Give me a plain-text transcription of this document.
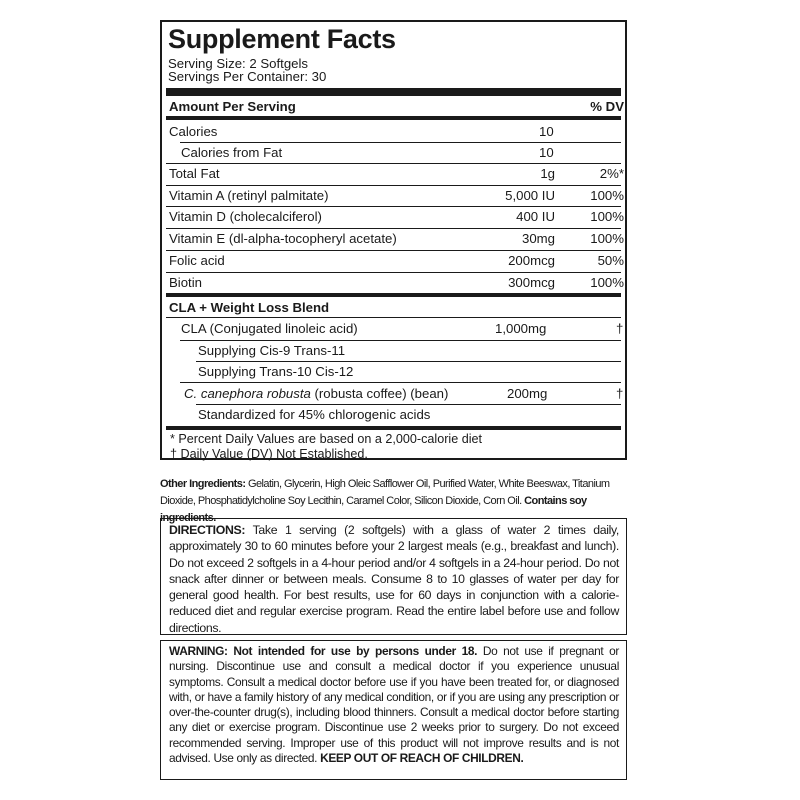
Supplement Facts
Serving Size: 2 Softgels
Servings Per Container: 30
Amount Per Serving	% DV
Calories	10
Calories from Fat	10
Total Fat	1g	2%*
Vitamin A (retinyl palmitate)	5,000 IU	100%
Vitamin D (cholecalciferol)	400 IU	100%
Vitamin E (dl-alpha-tocopheryl acetate)	30mg	100%
Folic acid	200mcg	50%
Biotin	300mcg	100%
CLA + Weight Loss Blend
CLA (Conjugated linoleic acid)	1,000mg	†
Supplying Cis-9 Trans-11
Supplying Trans-10 Cis-12
C. canephora robusta (robusta coffee) (bean)	200mg	†
Standardized for 45% chlorogenic acids
* Percent Daily Values are based on a 2,000-calorie diet
† Daily Value (DV) Not Established.
Other Ingredients: Gelatin, Glycerin, High Oleic Safflower Oil, Purified Water, White Beeswax, Titanium Dioxide, Phosphatidylcholine Soy Lecithin, Caramel Color, Silicon Dioxide, Corn Oil. Contains soy ingredients.
DIRECTIONS: Take 1 serving (2 softgels) with a glass of water 2 times daily, approximately 30 to 60 minutes before your 2 largest meals (e.g., breakfast and lunch). Do not exceed 2 softgels in a 4-hour period and/or 4 softgels in a 24-hour period. Do not snack after dinner or between meals. Consume 8 to 10 glasses of water per day for general good health. For best results, use for 60 days in conjunction with a calorie-reduced diet and regular exercise program. Read the entire label before use and follow directions.
WARNING: Not intended for use by persons under 18. Do not use if pregnant or nursing. Discontinue use and consult a medical doctor if you experience unusual symptoms. Consult a medical doctor before use if you have been treated for, or diagnosed with, or have a family history of any medical condition, or if you are using any prescription or over-the-counter drug(s), including blood thinners. Consult a medical doctor before starting any diet or exercise program. Discontinue use 2 weeks prior to surgery. Do not exceed recommended serving. Improper use of this product will not improve results and is not advised. Use only as directed. KEEP OUT OF REACH OF CHILDREN.
